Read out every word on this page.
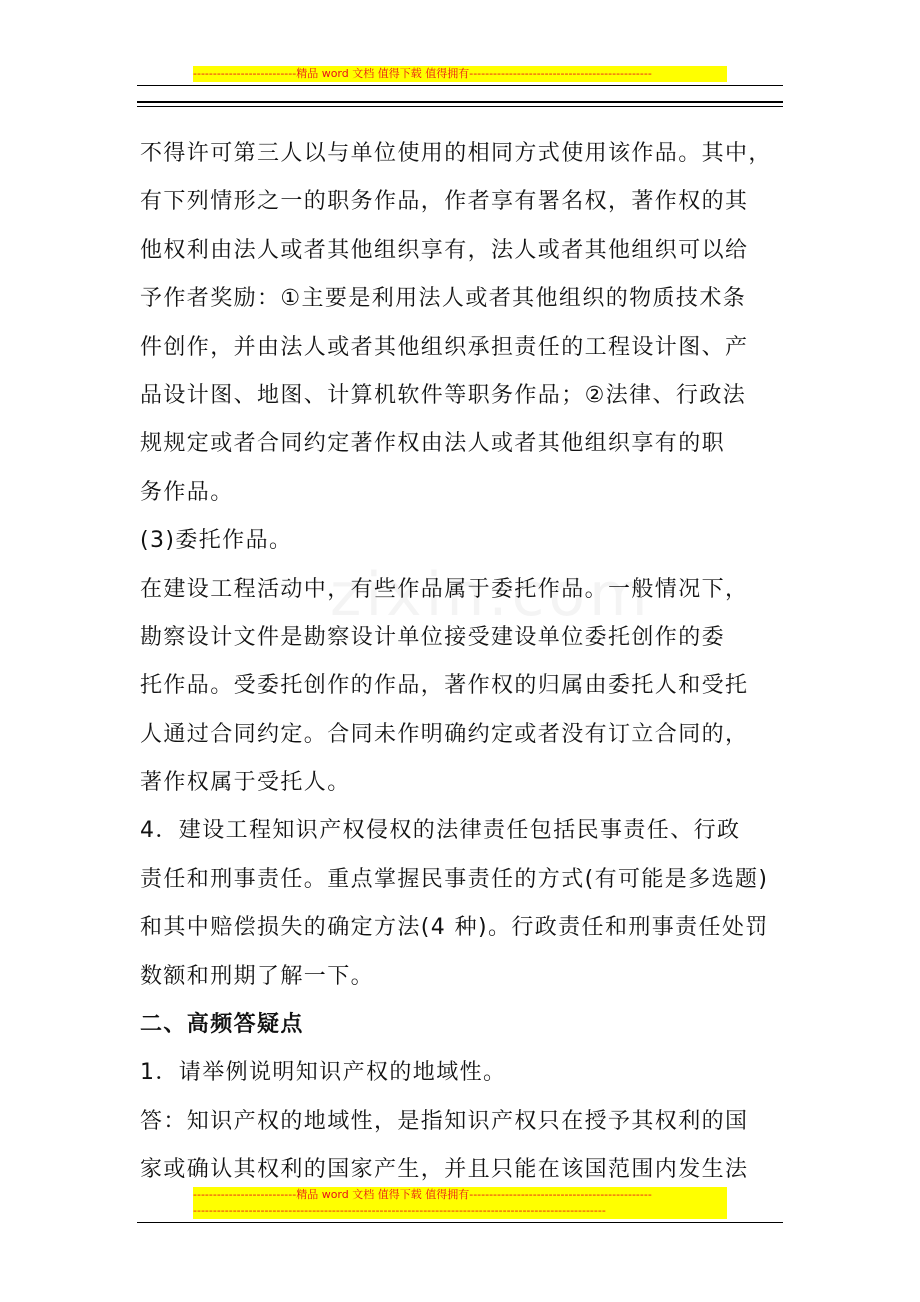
--------------------------精品 word 文档 值得下载 值得拥有----------------------------------------------
不得许可第三人以与单位使用的相同方式使用该作品。其中，
有下列情形之一的职务作品，作者享有署名权，著作权的其
他权利由法人或者其他组织享有，法人或者其他组织可以给
予作者奖励：①主要是利用法人或者其他组织的物质技术条
件创作，并由法人或者其他组织承担责任的工程设计图、产
品设计图、地图、计算机软件等职务作品；②法律、行政法
规规定或者合同约定著作权由法人或者其他组织享有的职
务作品。
(3)委托作品。
在建设工程活动中，有些作品属于委托作品。一般情况下，
勘察设计文件是勘察设计单位接受建设单位委托创作的委
托作品。受委托创作的作品，著作权的归属由委托人和受托
人通过合同约定。合同未作明确约定或者没有订立合同的，
著作权属于受托人。
4．建设工程知识产权侵权的法律责任包括民事责任、行政
责任和刑事责任。重点掌握民事责任的方式(有可能是多选题)
和其中赔偿损失的确定方法(4 种)。行政责任和刑事责任处罚
数额和刑期了解一下。
二、高频答疑点
1．请举例说明知识产权的地域性。
答：知识产权的地域性，是指知识产权只在授予其权利的国
家或确认其权利的国家产生，并且只能在该国范围内发生法
--------------------------精品 word 文档 值得下载 值得拥有----------------------------------------------
--------------------------------------------------------------------------------------------------------
